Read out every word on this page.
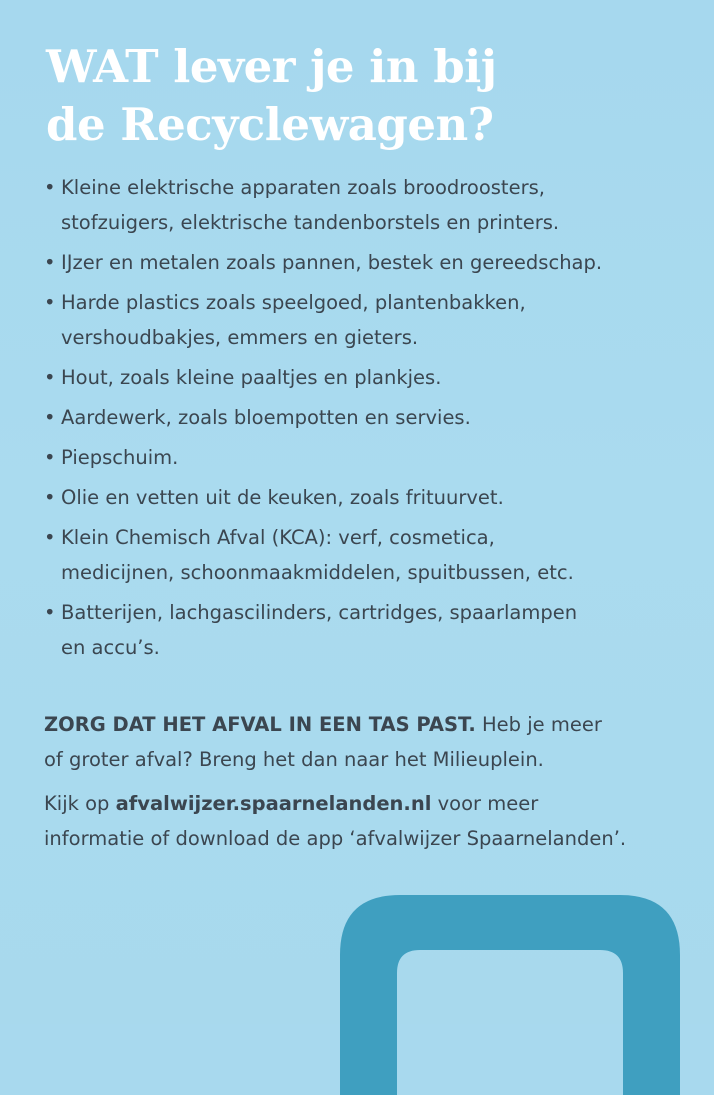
WAT lever je in bij
de Recyclewagen?
• Kleine elektrische apparaten zoals broodroosters,
stofzuigers, elektrische tandenborstels en printers.
• IJzer en metalen zoals pannen, bestek en gereedschap.
• Harde plastics zoals speelgoed, plantenbakken,
vershoudbakjes, emmers en gieters.
• Hout, zoals kleine paaltjes en plankjes.
• Aardewerk, zoals bloempotten en servies.
• Piepschuim.
• Olie en vetten uit de keuken, zoals frituurvet.
• Klein Chemisch Afval (KCA): verf, cosmetica,
medicijnen, schoonmaakmiddelen, spuitbussen, etc.
• Batterijen, lachgascilinders, cartridges, spaarlampen
en accu’s.

ZORG DAT HET AFVAL IN EEN TAS PAST. Heb je meer
of groter afval? Breng het dan naar het Milieuplein.

Kijk op afvalwijzer.spaarnelanden.nl voor meer
informatie of download de app ‘afvalwijzer Spaarnelanden’.
